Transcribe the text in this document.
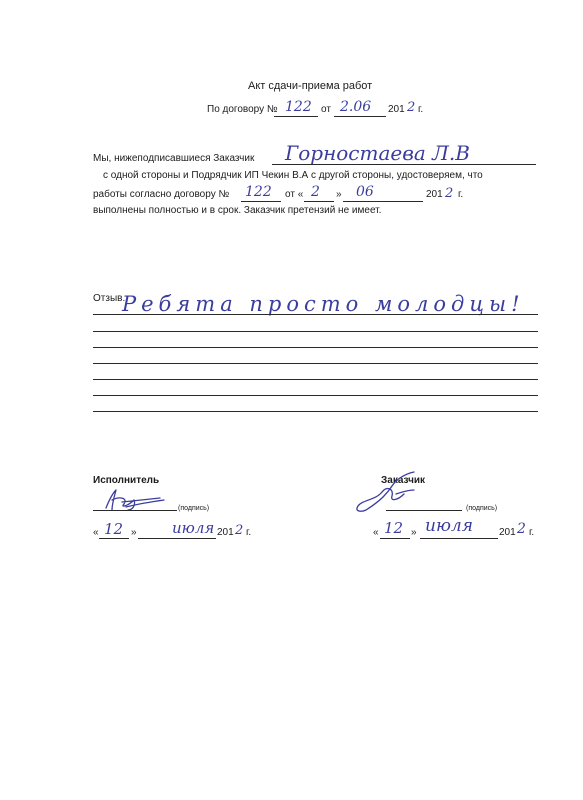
Акт сдачи-приема работ
По договору № 122 от 2.06 201 2 г.
Мы, нижеподписавшиеся Заказчик Горностаева Л.В
с одной стороны и Подрядчик ИП Чекин В.А с другой стороны, удостоверяем, что
работы согласно договору № 122 от « 2 » 06	201 2 г.
выполнены полностью и в срок. Заказчик претензий не имеет.
Отзыв.
Ребята просто молодцы!
Исполнитель
(подпись)
« 12 » июля 201 2 г.
Заказчик
(подпись)
« 12 » июля	201 2 г.
